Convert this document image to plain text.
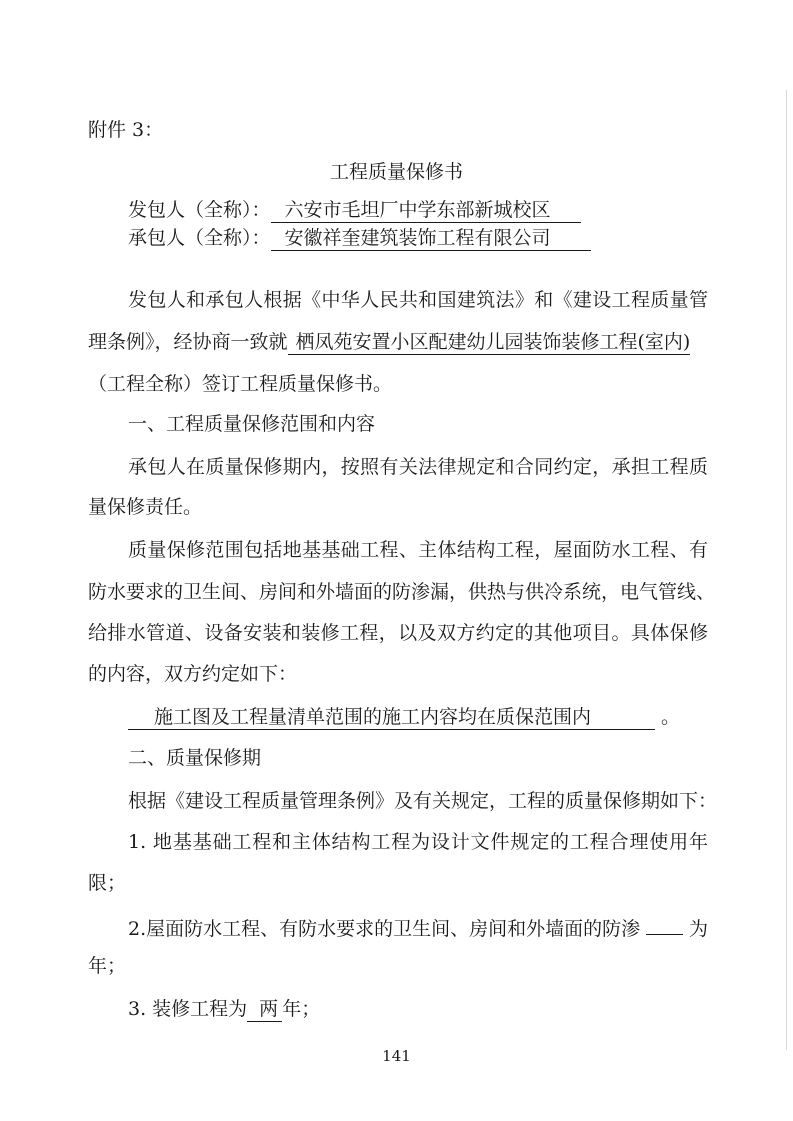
附件 3：
工程质量保修书
发包人（全称）： 六安市毛坦厂中学东部新城校区
承包人（全称）： 安徽祥奎建筑装饰工程有限公司
发包人和承包人根据《中华人民共和国建筑法》和《建设工程质量管
理条例》，经协商一致就 栖凤苑安置小区配建幼儿园装饰装修工程(室内)
（工程全称）签订工程质量保修书。
一、工程质量保修范围和内容
承包人在质量保修期内，按照有关法律规定和合同约定，承担工程质
量保修责任。
质量保修范围包括地基基础工程、主体结构工程，屋面防水工程、有
防水要求的卫生间、房间和外墙面的防渗漏，供热与供冷系统，电气管线、
给排水管道、设备安装和装修工程，以及双方约定的其他项目。具体保修
的内容，双方约定如下：
施工图及工程量清单范围的施工内容均在质保范围内	。
二、质量保修期
根据《建设工程质量管理条例》及有关规定，工程的质量保修期如下：
1. 地基基础工程和主体结构工程为设计文件规定的工程合理使用年
限；
2.屋面防水工程、有防水要求的卫生间、房间和外墙面的防渗	为
年；
3. 装修工程为 两 年；
141
